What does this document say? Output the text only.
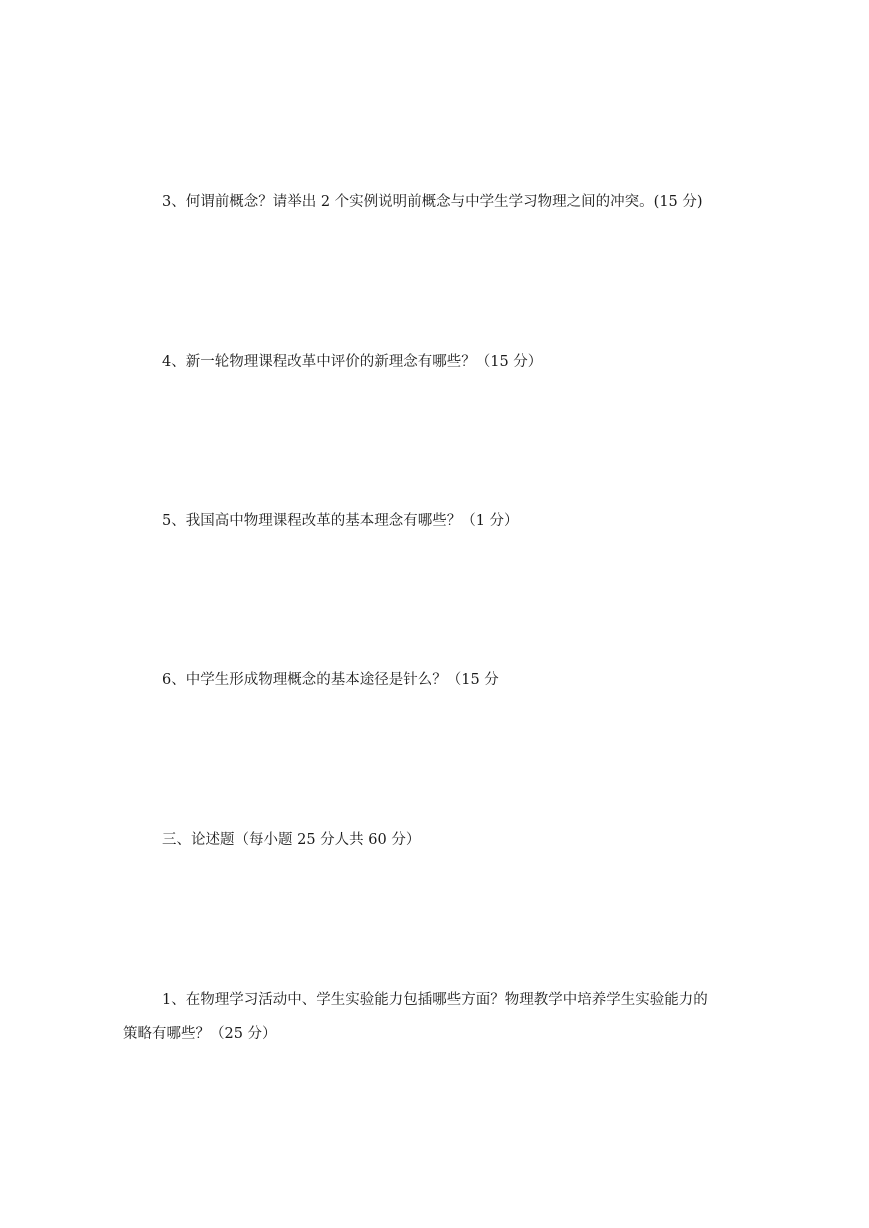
3、何谓前概念？请举出 2 个实例说明前概念与中学生学习物理之间的冲突。(15 分)
4、新一轮物理课程改革中评价的新理念有哪些？（15 分）
5、我国高中物理课程改革的基本理念有哪些？（1 分）
6、中学生形成物理概念的基本途径是针么？（15 分
三、论述题（每小题 25 分人共 60 分）
1、在物理学习活动中、学生实验能力包插哪些方面？物理教学中培养学生实验能力的
策略有哪些？（25 分）
